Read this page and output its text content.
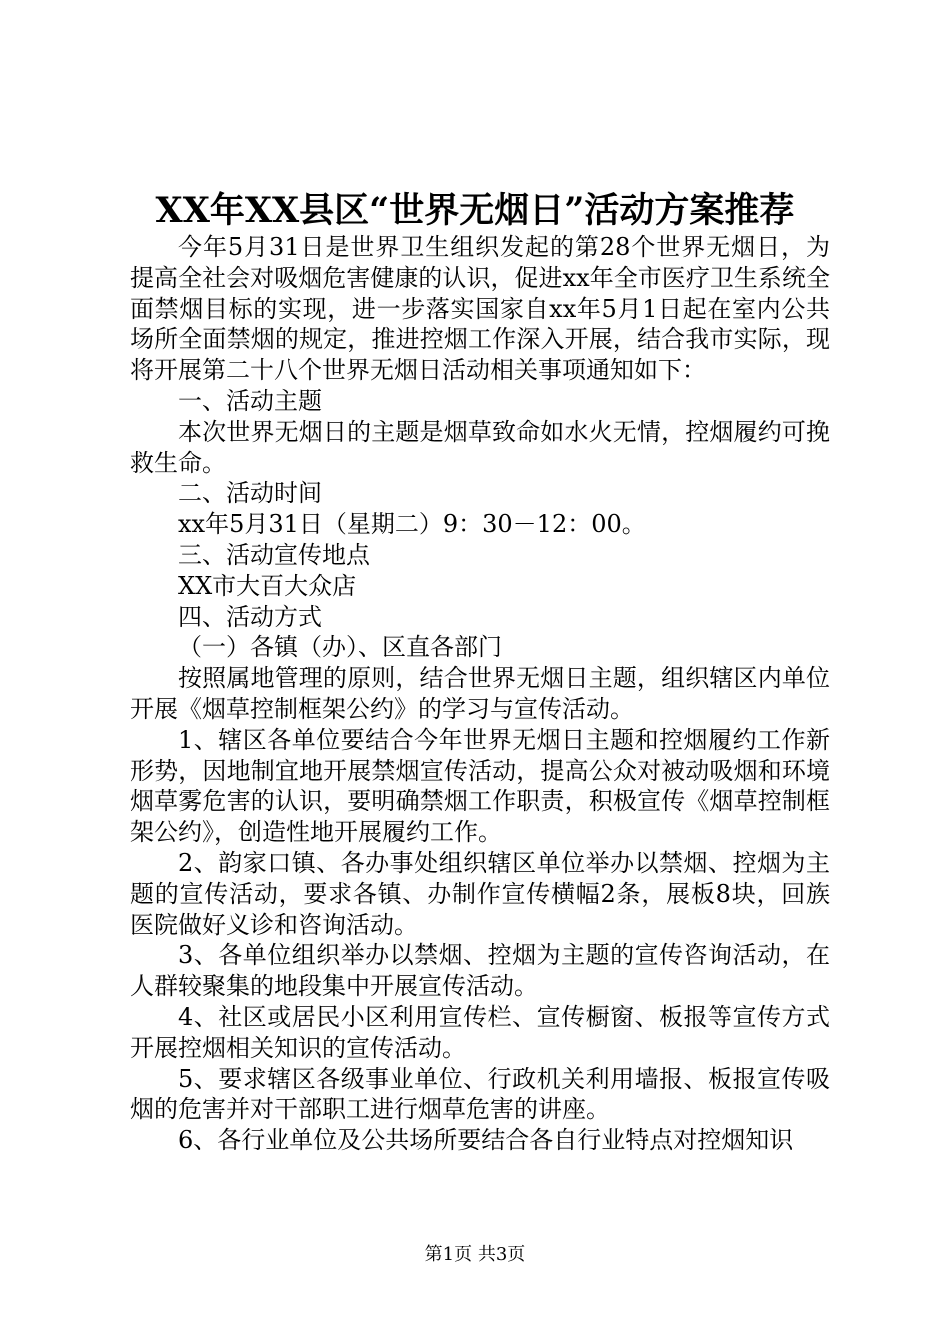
XX年XX县区“世界无烟日”活动方案推荐

今年5月31日是世界卫生组织发起的第28个世界无烟日，为提高全社会对吸烟危害健康的认识，促进xx年全市医疗卫生系统全面禁烟目标的实现，进一步落实国家自xx年5月1日起在室内公共场所全面禁烟的规定，推进控烟工作深入开展，结合我市实际，现将开展第二十八个世界无烟日活动相关事项通知如下：

一、活动主题

本次世界无烟日的主题是烟草致命如水火无情，控烟履约可挽救生命。

二、活动时间

xx年5月31日（星期二）9：30－12：00。

三、活动宣传地点

XX市大百大众店

四、活动方式

（一）各镇（办）、区直各部门

按照属地管理的原则，结合世界无烟日主题，组织辖区内单位开展《烟草控制框架公约》的学习与宣传活动。

1、辖区各单位要结合今年世界无烟日主题和控烟履约工作新形势，因地制宜地开展禁烟宣传活动，提高公众对被动吸烟和环境烟草雾危害的认识，要明确禁烟工作职责，积极宣传《烟草控制框架公约》，创造性地开展履约工作。

2、韵家口镇、各办事处组织辖区单位举办以禁烟、控烟为主题的宣传活动，要求各镇、办制作宣传横幅2条，展板8块，回族医院做好义诊和咨询活动。

3、各单位组织举办以禁烟、控烟为主题的宣传咨询活动，在人群较聚集的地段集中开展宣传活动。

4、社区或居民小区利用宣传栏、宣传橱窗、板报等宣传方式开展控烟相关知识的宣传活动。

5、要求辖区各级事业单位、行政机关利用墙报、板报宣传吸烟的危害并对干部职工进行烟草危害的讲座。

6、各行业单位及公共场所要结合各自行业特点对控烟知识

第1页 共3页
